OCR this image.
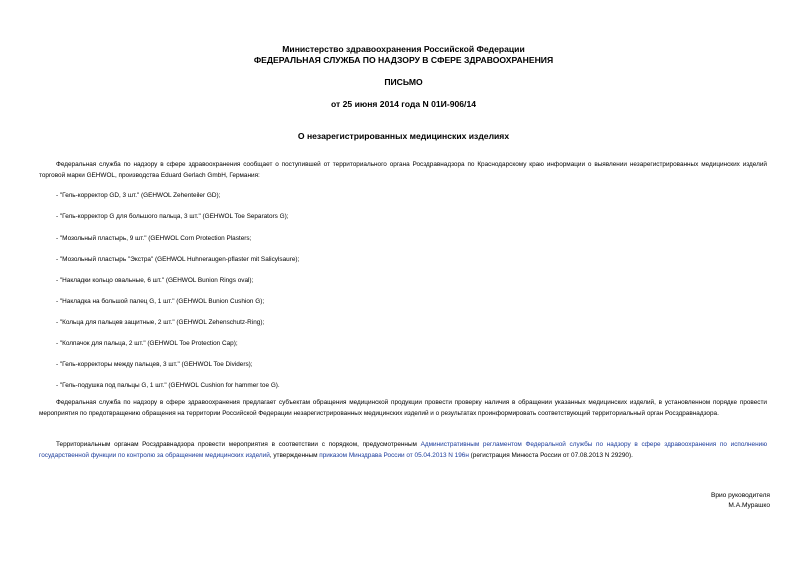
Министерство здравоохранения Российской Федерации
ФЕДЕРАЛЬНАЯ СЛУЖБА ПО НАДЗОРУ В СФЕРЕ ЗДРАВООХРАНЕНИЯ
ПИСЬМО
от 25 июня 2014 года N 01И-906/14
О незарегистрированных медицинских изделиях
Федеральная служба по надзору в сфере здравоохранения сообщает о поступившей от территориального органа Росздравнадзора по Краснодарскому краю информации о выявлении незарегистрированных медицинских изделий торговой марки GEHWOL, производства Eduard Gerlach GmbH, Германия:
- "Гель-корректор GD, 3 шт." (GEHWOL Zehenteiler GD);
- "Гель-корректор G для большого пальца, 3 шт." (GEHWOL Toe Separators G);
- "Мозольный пластырь, 9 шт." (GEHWOL Corn Protection Plasters;
- "Мозольный пластырь "Экстра" (GEHWOL Huhneraugen-pflaster mit Salicylsaure);
- "Накладки кольцо овальные, 6 шт." (GEHWOL Bunion Rings oval);
- "Накладка на большой палец G, 1 шт." (GEHWOL Bunion Cushion G);
- "Кольца для пальцев защитные, 2 шт." (GEHWOL Zehenschutz-Ring);
- "Колпачок для пальца, 2 шт." (GEHWOL Toe Protection Cap);
- "Гель-корректоры между пальцев, 3 шт." (GEHWOL Toe Dividers);
- "Гель-подушка под пальцы G, 1 шт." (GEHWOL Cushion for hammer toe G).
Федеральная служба по надзору в сфере здравоохранения предлагает субъектам обращения медицинской продукции провести проверку наличия в обращении указанных медицинских изделий, в установленном порядке провести мероприятия по предотвращению обращения на территории Российской Федерации незарегистрированных медицинских изделий и о результатах проинформировать соответствующий территориальный орган Росздравнадзора.
Территориальным органам Росздравнадзора провести мероприятия в соответствии с порядком, предусмотренным Административным регламентом Федеральной службы по надзору в сфере здравоохранения по исполнению государственной функции по контролю за обращением медицинских изделий, утвержденным приказом Минздрава России от 05.04.2013 N 196н (регистрация Минюста России от 07.08.2013 N 29290).
Врио руководителя
М.А.Мурашко
